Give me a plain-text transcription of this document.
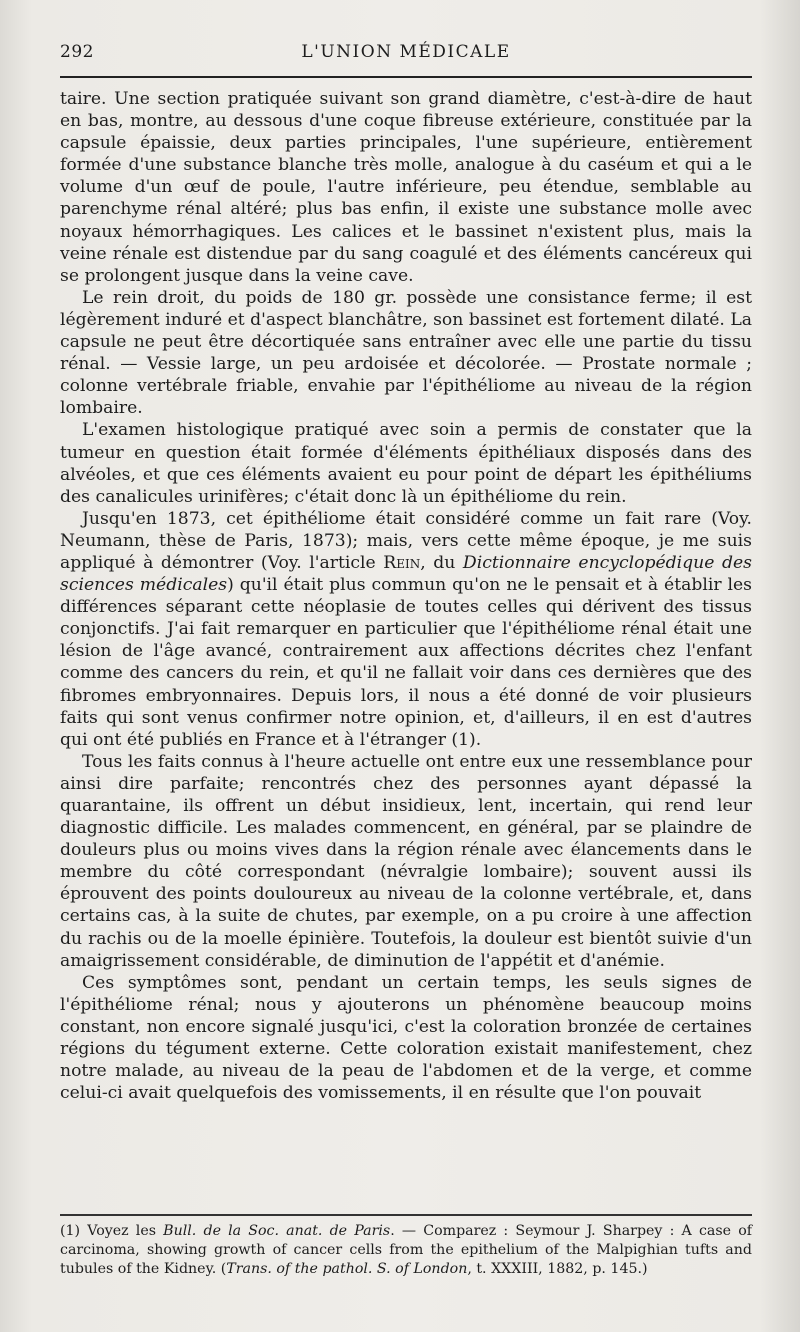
292	L'UNION MÉDICALE

taire. Une section pratiquée suivant son grand diamètre, c'est-à-dire de haut en bas, montre, au dessous d'une coque fibreuse extérieure, constituée par la capsule épaissie, deux parties principales, l'une supérieure, entièrement formée d'une substance blanche très molle, analogue à du caséum et qui a le volume d'un œuf de poule, l'autre inférieure, peu étendue, semblable au parenchyme rénal altéré; plus bas enfin, il existe une substance molle avec noyaux hémorrhagiques. Les calices et le bassinet n'existent plus, mais la veine rénale est distendue par du sang coagulé et des éléments cancéreux qui se prolongent jusque dans la veine cave.

Le rein droit, du poids de 180 gr. possède une consistance ferme; il est légèrement induré et d'aspect blanchâtre, son bassinet est fortement dilaté. La capsule ne peut être décortiquée sans entraîner avec elle une partie du tissu rénal. — Vessie large, un peu ardoisée et décolorée. — Prostate normale ; colonne vertébrale friable, envahie par l'épithéliome au niveau de la région lombaire.

L'examen histologique pratiqué avec soin a permis de constater que la tumeur en question était formée d'éléments épithéliaux disposés dans des alvéoles, et que ces éléments avaient eu pour point de départ les épithéliums des canalicules urinifères; c'était donc là un épithéliome du rein.

Jusqu'en 1873, cet épithéliome était considéré comme un fait rare (Voy. Neumann, thèse de Paris, 1873); mais, vers cette même époque, je me suis appliqué à démontrer (Voy. l'article Rein, du Dictionnaire encyclopédique des sciences médicales) qu'il était plus commun qu'on ne le pensait et à établir les différences séparant cette néoplasie de toutes celles qui dérivent des tissus conjonctifs. J'ai fait remarquer en particulier que l'épithéliome rénal était une lésion de l'âge avancé, contrairement aux affections décrites chez l'enfant comme des cancers du rein, et qu'il ne fallait voir dans ces dernières que des fibromes embryonnaires. Depuis lors, il nous a été donné de voir plusieurs faits qui sont venus confirmer notre opinion, et, d'ailleurs, il en est d'autres qui ont été publiés en France et à l'étranger (1).

Tous les faits connus à l'heure actuelle ont entre eux une ressemblance pour ainsi dire parfaite; rencontrés chez des personnes ayant dépassé la quarantaine, ils offrent un début insidieux, lent, incertain, qui rend leur diagnostic difficile. Les malades commencent, en général, par se plaindre de douleurs plus ou moins vives dans la région rénale avec élancements dans le membre du côté correspondant (névralgie lombaire); souvent aussi ils éprouvent des points douloureux au niveau de la colonne vertébrale, et, dans certains cas, à la suite de chutes, par exemple, on a pu croire à une affection du rachis ou de la moelle épinière. Toutefois, la douleur est bientôt suivie d'un amaigrissement considérable, de diminution de l'appétit et d'anémie.

Ces symptômes sont, pendant un certain temps, les seuls signes de l'épithéliome rénal; nous y ajouterons un phénomène beaucoup moins constant, non encore signalé jusqu'ici, c'est la coloration bronzée de certaines régions du tégument externe. Cette coloration existait manifestement, chez notre malade, au niveau de la peau de l'abdomen et de la verge, et comme celui-ci avait quelquefois des vomissements, il en résulte que l'on pouvait

(1) Voyez les Bull. de la Soc. anat. de Paris. — Comparez : Seymour J. Sharpey : A case of carcinoma, showing growth of cancer cells from the epithelium of the Malpighian tufts and tubules of the Kidney. (Trans. of the pathol. S. of London, t. XXXIII, 1882, p. 145.)
